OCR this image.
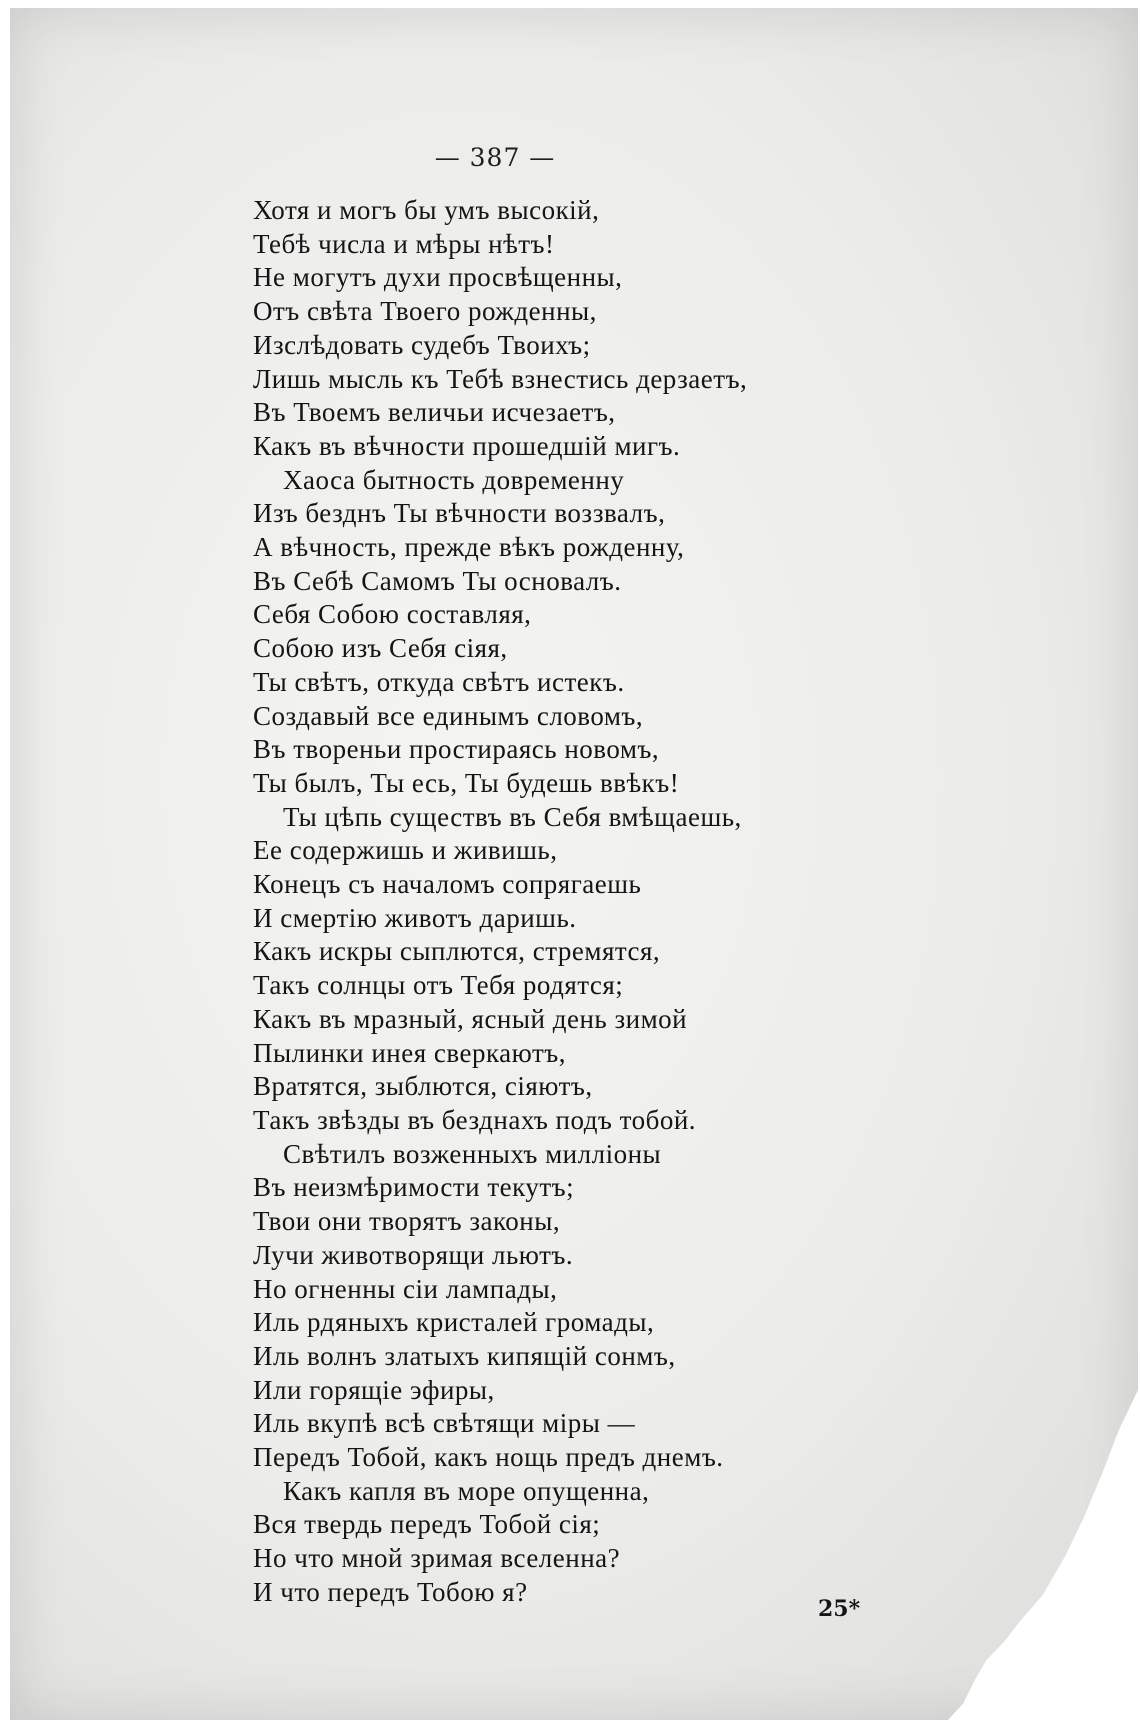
— 387 —
Хотя и могъ бы умъ высокій,
Тебѣ числа и мѣры нѣтъ!
Не могутъ духи просвѣщенны,
Отъ свѣта Твоего рожденны,
Изслѣдовать судебъ Твоихъ;
Лишь мысль къ Тебѣ взнестись дерзаетъ,
Въ Твоемъ величьи исчезаетъ,
Какъ въ вѣчности прошедшій мигъ.
Хаоса бытность довременну
Изъ безднъ Ты вѣчности воззвалъ,
А вѣчность, прежде вѣкъ рожденну,
Въ Себѣ Самомъ Ты основалъ.
Себя Собою составляя,
Собою изъ Себя сіяя,
Ты свѣтъ, откуда свѣтъ истекъ.
Создавый все единымъ словомъ,
Въ твореньи простираясь новомъ,
Ты былъ, Ты есь, Ты будешь ввѣкъ!
Ты цѣпь существъ въ Себя вмѣщаешь,
Ее содержишь и живишь,
Конецъ съ началомъ сопрягаешь
И смертію животъ даришь.
Какъ искры сыплются, стремятся,
Такъ солнцы отъ Тебя родятся;
Какъ въ мразный, ясный день зимой
Пылинки инея сверкаютъ,
Вратятся, зыблются, сіяютъ,
Такъ звѣзды въ безднахъ подъ тобой.
Свѣтилъ возженныхъ милліоны
Въ неизмѣримости текутъ;
Твои они творятъ законы,
Лучи животворящи льютъ.
Но огненны сіи лампады,
Иль рдяныхъ кристалей громады,
Иль волнъ златыхъ кипящій сонмъ,
Или горящіе эфиры,
Иль вкупѣ всѣ свѣтящи міры —
Передъ Тобой, какъ нощь предъ днемъ.
Какъ капля въ море опущенна,
Вся твердь передъ Тобой сія;
Но что мной зримая вселенна?
И что передъ Тобою я?
25*
